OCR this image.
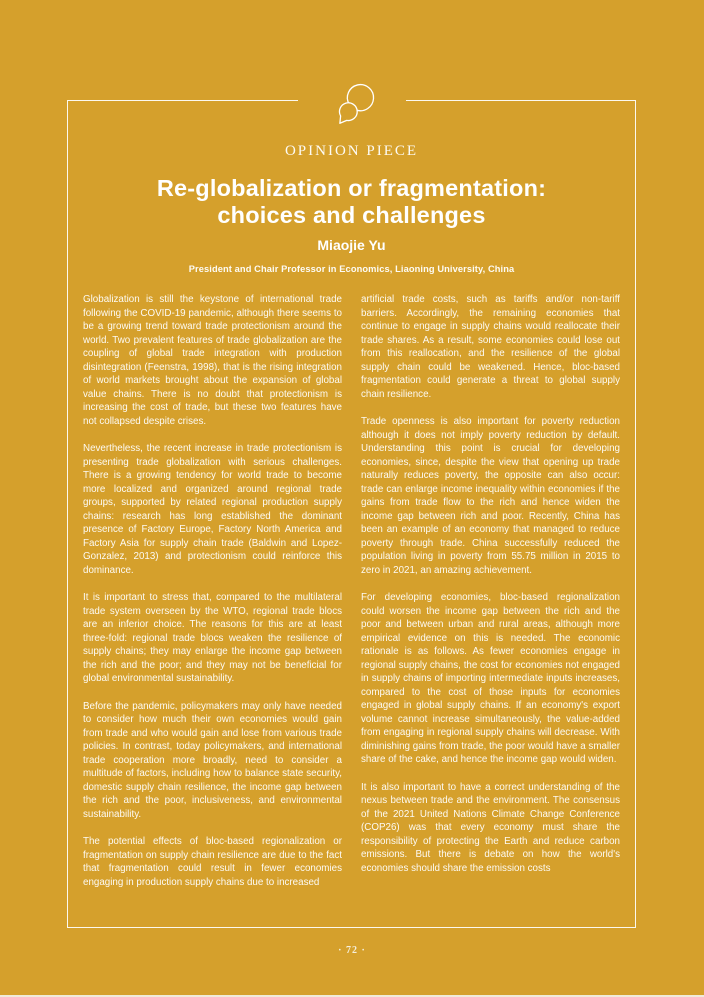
OPINION PIECE
Re-globalization or fragmentation:
choices and challenges
Miaojie Yu
President and Chair Professor in Economics, Liaoning University, China

Globalization is still the keystone of international trade following the COVID-19 pandemic, although there seems to be a growing trend toward trade protectionism around the world. Two prevalent features of trade globalization are the coupling of global trade integration with production disintegration (Feenstra, 1998), that is the rising integration of world markets brought about the expansion of global value chains. There is no doubt that protectionism is increasing the cost of trade, but these two features have not collapsed despite crises.

Nevertheless, the recent increase in trade protectionism is presenting trade globalization with serious challenges. There is a growing tendency for world trade to become more localized and organized around regional trade groups, supported by related regional production supply chains: research has long established the dominant presence of Factory Europe, Factory North America and Factory Asia for supply chain trade (Baldwin and Lopez-Gonzalez, 2013) and protectionism could reinforce this dominance.

It is important to stress that, compared to the multilateral trade system overseen by the WTO, regional trade blocs are an inferior choice. The reasons for this are at least three-fold: regional trade blocs weaken the resilience of supply chains; they may enlarge the income gap between the rich and the poor; and they may not be beneficial for global environmental sustainability.

Before the pandemic, policymakers may only have needed to consider how much their own economies would gain from trade and who would gain and lose from various trade policies. In contrast, today policymakers, and international trade cooperation more broadly, need to consider a multitude of factors, including how to balance state security, domestic supply chain resilience, the income gap between the rich and the poor, inclusiveness, and environmental sustainability.

The potential effects of bloc-based regionalization or fragmentation on supply chain resilience are due to the fact that fragmentation could result in fewer economies engaging in production supply chains due to increased

artificial trade costs, such as tariffs and/or non-tariff barriers. Accordingly, the remaining economies that continue to engage in supply chains would reallocate their trade shares. As a result, some economies could lose out from this reallocation, and the resilience of the global supply chain could be weakened. Hence, bloc-based fragmentation could generate a threat to global supply chain resilience.

Trade openness is also important for poverty reduction although it does not imply poverty reduction by default. Understanding this point is crucial for developing economies, since, despite the view that opening up trade naturally reduces poverty, the opposite can also occur: trade can enlarge income inequality within economies if the gains from trade flow to the rich and hence widen the income gap between rich and poor. Recently, China has been an example of an economy that managed to reduce poverty through trade. China successfully reduced the population living in poverty from 55.75 million in 2015 to zero in 2021, an amazing achievement.

For developing economies, bloc-based regionalization could worsen the income gap between the rich and the poor and between urban and rural areas, although more empirical evidence on this is needed. The economic rationale is as follows. As fewer economies engage in regional supply chains, the cost for economies not engaged in supply chains of importing intermediate inputs increases, compared to the cost of those inputs for economies engaged in global supply chains. If an economy's export volume cannot increase simultaneously, the value-added from engaging in regional supply chains will decrease. With diminishing gains from trade, the poor would have a smaller share of the cake, and hence the income gap would widen.

It is also important to have a correct understanding of the nexus between trade and the environment. The consensus of the 2021 United Nations Climate Change Conference (COP26) was that every economy must share the responsibility of protecting the Earth and reduce carbon emissions. But there is debate on how the world's economies should share the emission costs

· 72 ·
